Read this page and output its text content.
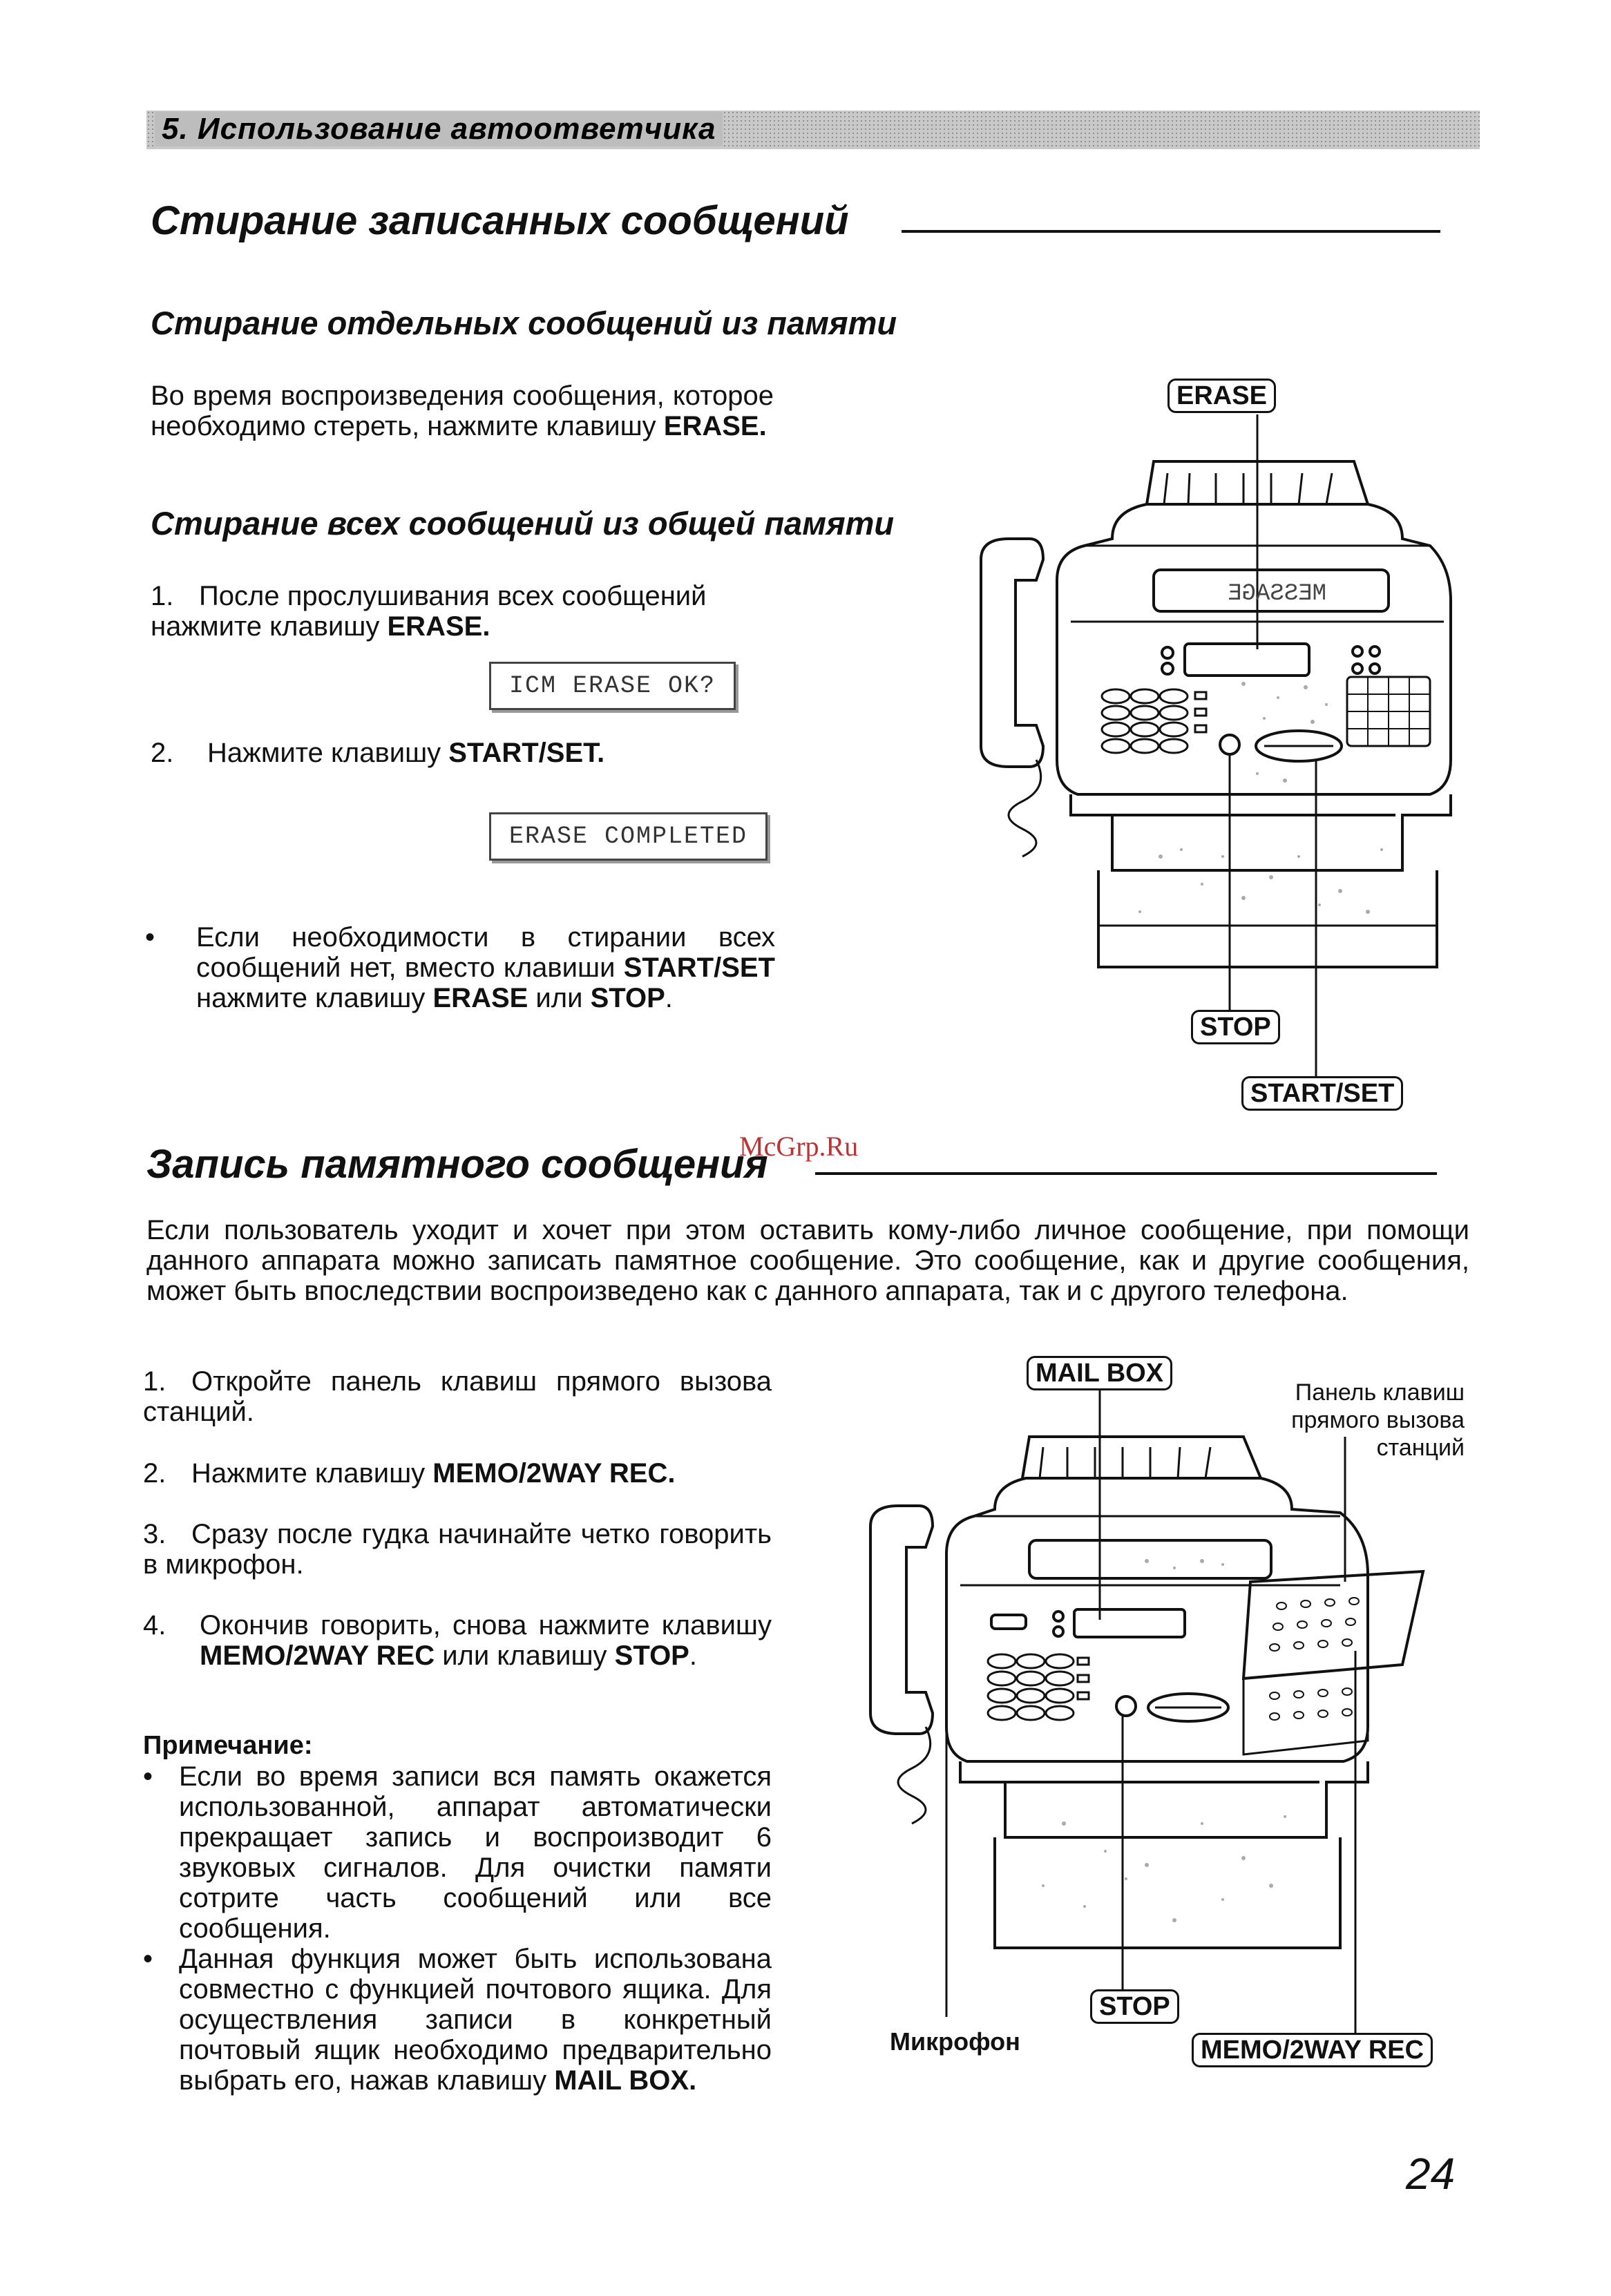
5. Использование автоответчика
Стирание записанных сообщений
Стирание отдельных сообщений из памяти
Во время воспроизведения сообщения, которое необходимо стереть, нажмите клавишу ERASE.
Стирание всех сообщений из общей памяти
1. После прослушивания всех сообщений нажмите клавишу ERASE.
ICM ERASE OK?
2. Нажмите клавишу START/SET.
ERASE COMPLETED
• Если необходимости в стирании всех сообщений нет, вместо клавиши START/SET нажмите клавишу ERASE или STOP.
MESSAGE
ERASE
STOP
START/SET
McGrp.Ru
Запись памятного сообщения
Если пользователь уходит и хочет при этом оставить кому-либо личное сообщение, при помощи данного аппарата можно записать памятное сообщение. Это сообщение, как и другие сообщения, может быть впоследствии воспроизведено как с данного аппарата, так и с другого телефона.
1. Откройте панель клавиш прямого вызова станций.
2. Нажмите клавишу MEMO/2WAY REC.
3. Сразу после гудка начинайте четко говорить в микрофон.
4. Окончив говорить, снова нажмите клавишу MEMO/2WAY REC или клавишу STOP.
Примечание:
• Если во время записи вся память окажется использованной, аппарат автоматически прекращает запись и воспроизводит 6 звуковых сигналов. Для очистки памяти сотрите часть сообщений или все сообщения.
• Данная функция может быть использована совместно с функцией почтового ящика. Для осуществления записи в конкретный почтовый ящик необходимо предварительно выбрать его, нажав клавишу MAIL BOX.
MAIL BOX
Панель клавиш прямого вызова станций
STOP
Микрофон	MEMO/2WAY REC
24
